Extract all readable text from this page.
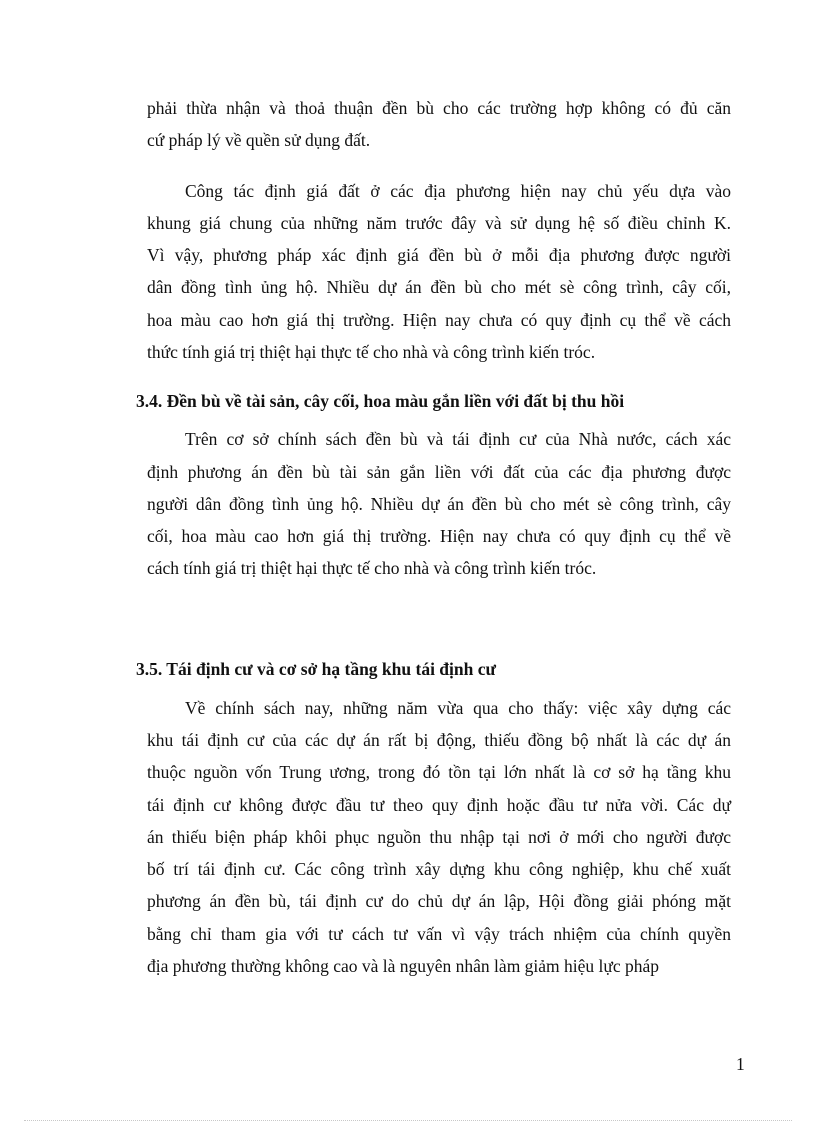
phải thừa nhận và thoả thuận đền bù cho các trường hợp không có đủ căn
cứ pháp lý về quền sử dụng đất.
Công tác định giá đất ở các địa phương hiện nay chủ yếu dựa vào
khung giá chung của những năm trước đây và sử dụng hệ số điều chỉnh K.
Vì vậy, phương pháp xác định giá đền bù ở mỗi địa phương được người
dân đồng tình ủng hộ. Nhiều dự án đền bù cho mét sè công trình, cây cối,
hoa màu cao hơn giá thị trường. Hiện nay chưa có quy định cụ thể về cách
thức tính giá trị thiệt hại thực tế cho nhà và công trình kiến tróc.
3.4. Đền bù về tài sản, cây cối, hoa màu gắn liền với đất bị thu hồi
Trên cơ sở chính sách đền bù và tái định cư của Nhà nước, cách xác
định phương án đền bù tài sản gắn liền với đất của các địa phương được
người dân đồng tình ủng hộ. Nhiều dự án đền bù cho mét sè công trình, cây
cối, hoa màu cao hơn giá thị trường. Hiện nay chưa có quy định cụ thể về
cách tính giá trị thiệt hại thực tế cho nhà và công trình kiến tróc.
3.5. Tái định cư và cơ sở hạ tầng khu tái định cư
Về chính sách nay, những năm vừa qua cho thấy: việc xây dựng các
khu tái định cư của các dự án rất bị động, thiếu đồng bộ nhất là các dự án
thuộc nguồn vốn Trung ương, trong đó tồn tại lớn nhất là cơ sở hạ tầng khu
tái định cư không được đầu tư theo quy định hoặc đầu tư nửa vời. Các dự
án thiếu biện pháp khôi phục nguồn thu nhập tại nơi ở mới cho người được
bố trí tái định cư. Các công trình xây dựng khu công nghiệp, khu chế xuất
phương án đền bù, tái định cư do chủ dự án lập, Hội đồng giải phóng mặt
bằng chỉ tham gia với tư cách tư vấn vì vậy trách nhiệm của chính quyền
địa phương thường không cao và là nguyên nhân làm giảm hiệu lực pháp
1
